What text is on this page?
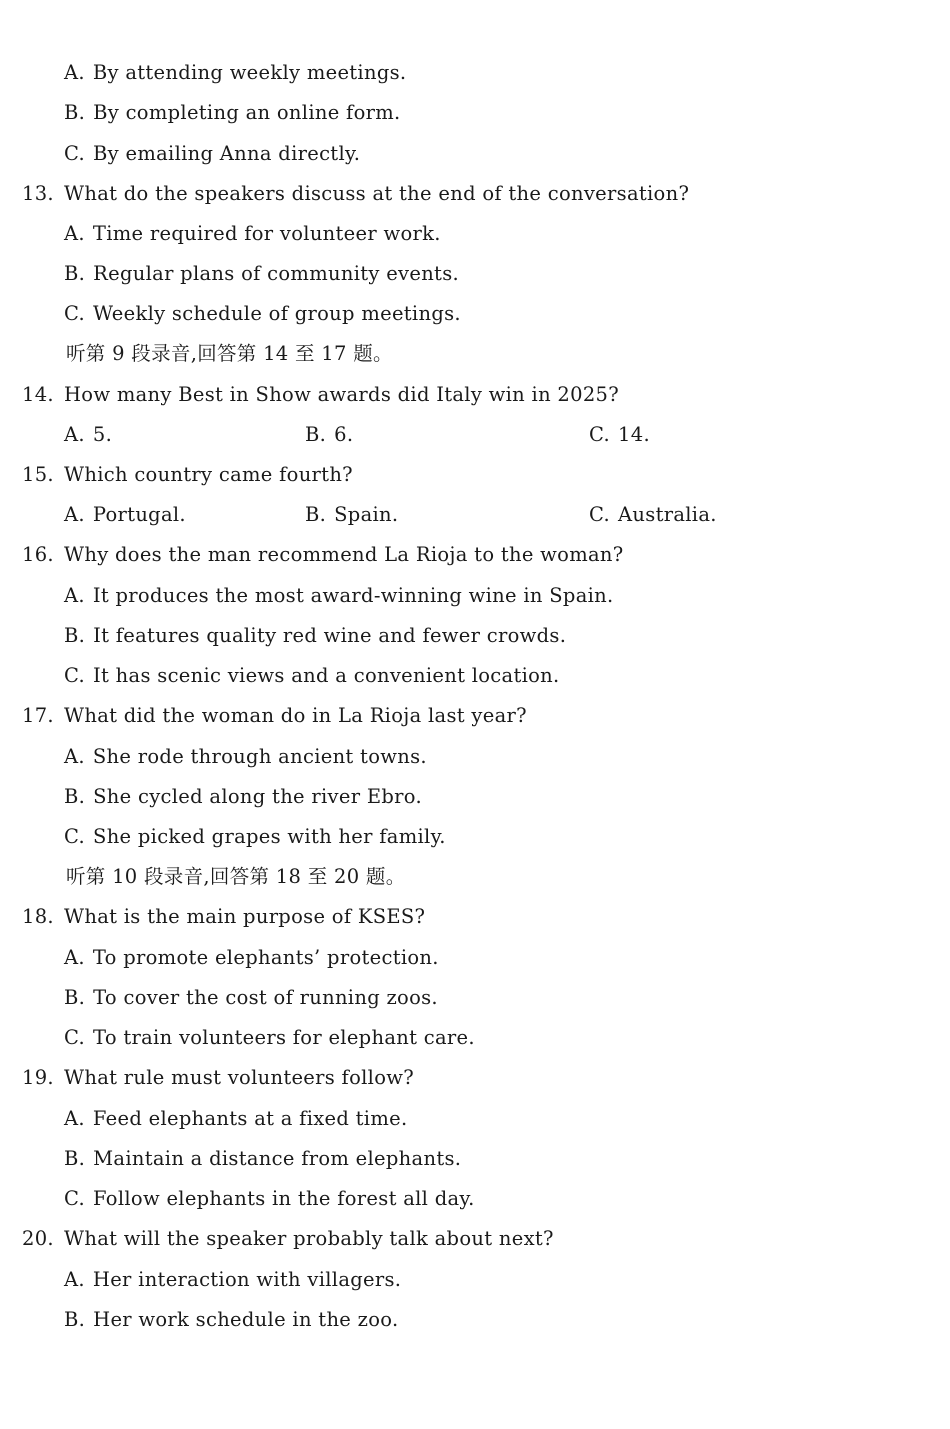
A. By attending weekly meetings.
B. By completing an online form.
C. By emailing Anna directly.
13. What do the speakers discuss at the end of the conversation?
A. Time required for volunteer work.
B. Regular plans of community events.
C. Weekly schedule of group meetings.
听第 9 段录音,回答第 14 至 17 题。
14. How many Best in Show awards did Italy win in 2025?
A. 5.	B. 6.	C. 14.
15. Which country came fourth?
A. Portugal.	B. Spain.	C. Australia.
16. Why does the man recommend La Rioja to the woman?
A. It produces the most award-winning wine in Spain.
B. It features quality red wine and fewer crowds.
C. It has scenic views and a convenient location.
17. What did the woman do in La Rioja last year?
A. She rode through ancient towns.
B. She cycled along the river Ebro.
C. She picked grapes with her family.
听第 10 段录音,回答第 18 至 20 题。
18. What is the main purpose of KSES?
A. To promote elephants’ protection.
B. To cover the cost of running zoos.
C. To train volunteers for elephant care.
19. What rule must volunteers follow?
A. Feed elephants at a fixed time.
B. Maintain a distance from elephants.
C. Follow elephants in the forest all day.
20. What will the speaker probably talk about next?
A. Her interaction with villagers.
B. Her work schedule in the zoo.
